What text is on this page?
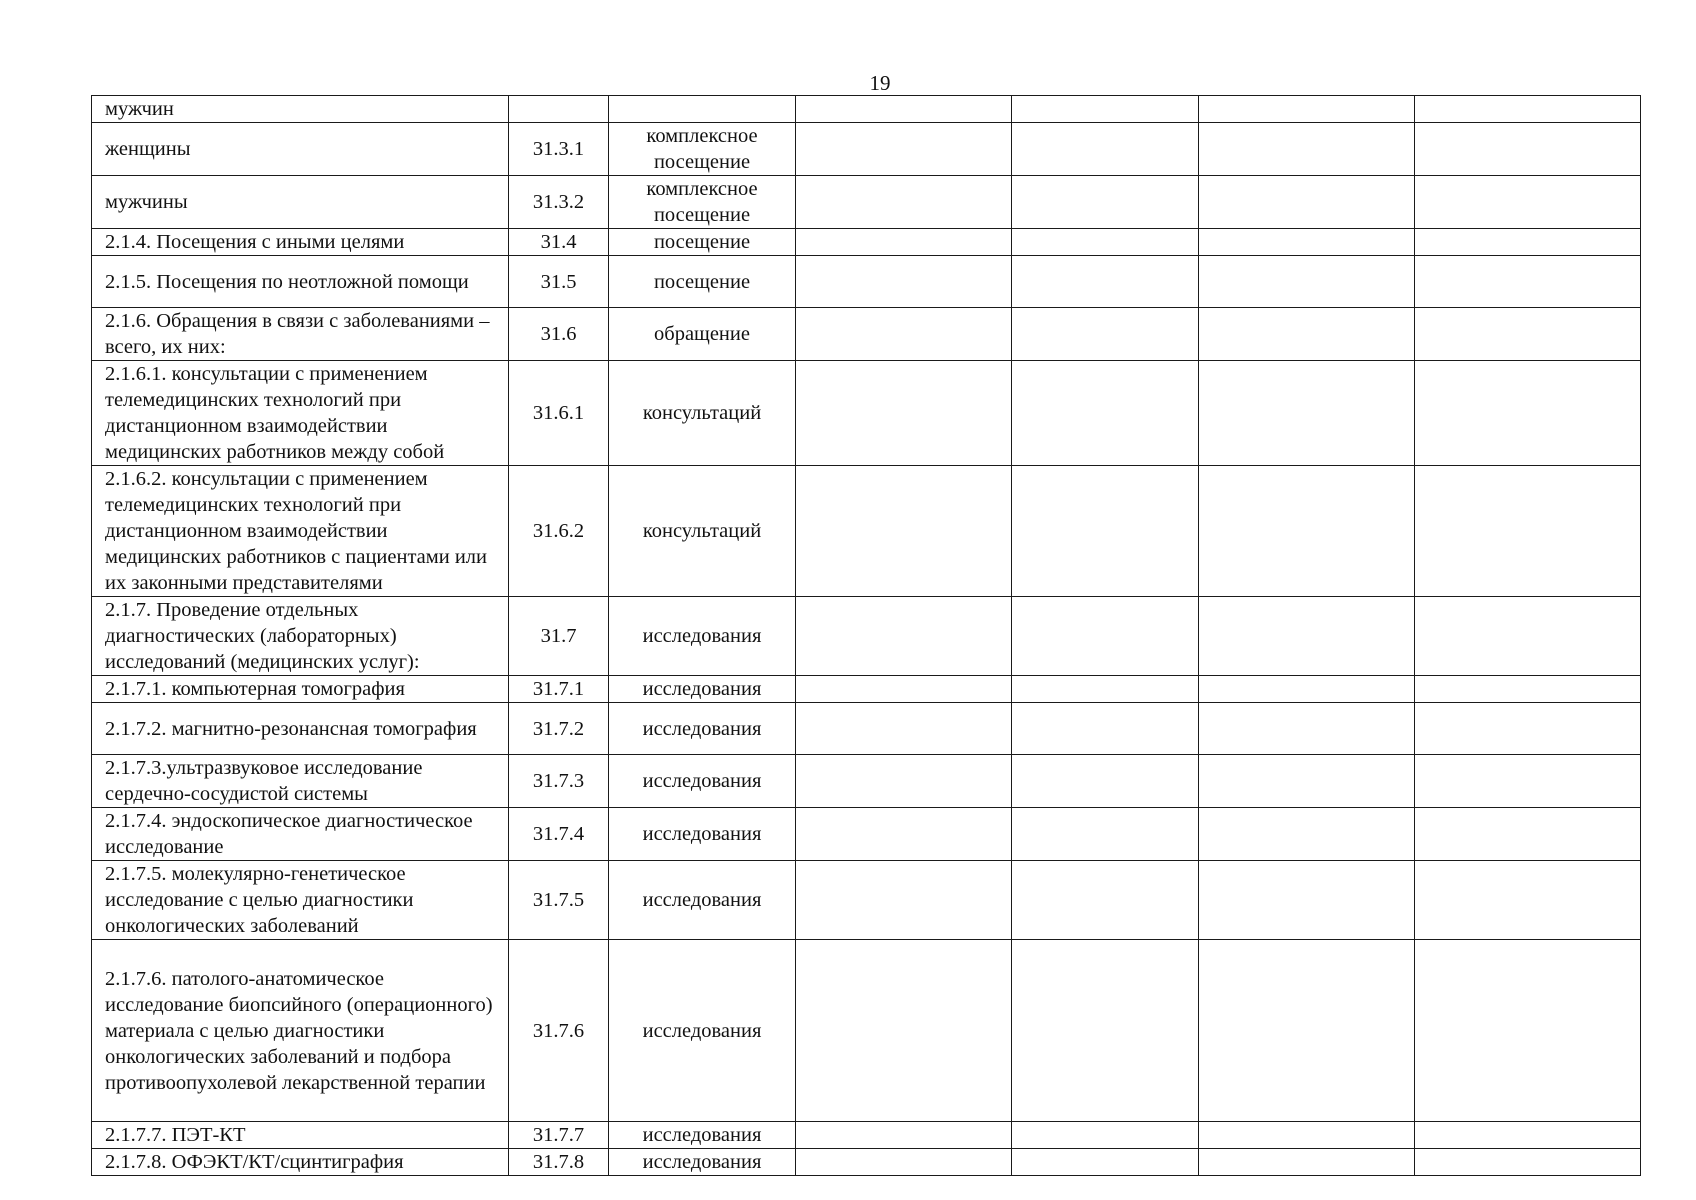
19
мужчин						
женщины	31.3.1	комплексное посещение				
мужчины	31.3.2	комплексное посещение				
2.1.4. Посещения с иными целями	31.4	посещение				
2.1.5. Посещения по неотложной помощи	31.5	посещение				
2.1.6. Обращения в связи с заболеваниями – всего, их них:	31.6	обращение				
2.1.6.1. консультации с применением телемедицинских технологий при дистанционном взаимодействии медицинских работников между собой	31.6.1	консультаций				
2.1.6.2. консультации с применением телемедицинских технологий при дистанционном взаимодействии медицинских работников с пациентами или их законными представителями	31.6.2	консультаций				
2.1.7. Проведение отдельных диагностических (лабораторных) исследований (медицинских услуг):	31.7	исследования				
2.1.7.1. компьютерная томография	31.7.1	исследования				
2.1.7.2. магнитно-резонансная томография	31.7.2	исследования				
2.1.7.3.ультразвуковое исследование сердечно-сосудистой системы	31.7.3	исследования				
2.1.7.4. эндоскопическое диагностическое исследование	31.7.4	исследования				
2.1.7.5. молекулярно-генетическое исследование с целью диагностики онкологических заболеваний	31.7.5	исследования				
2.1.7.6. патолого-анатомическое исследование биопсийного (операционного) материала с целью диагностики онкологических заболеваний и подбора противоопухолевой лекарственной терапии	31.7.6	исследования				
2.1.7.7. ПЭТ-КТ	31.7.7	исследования				
2.1.7.8. ОФЭКТ/КТ/сцинтиграфия	31.7.8	исследования				
